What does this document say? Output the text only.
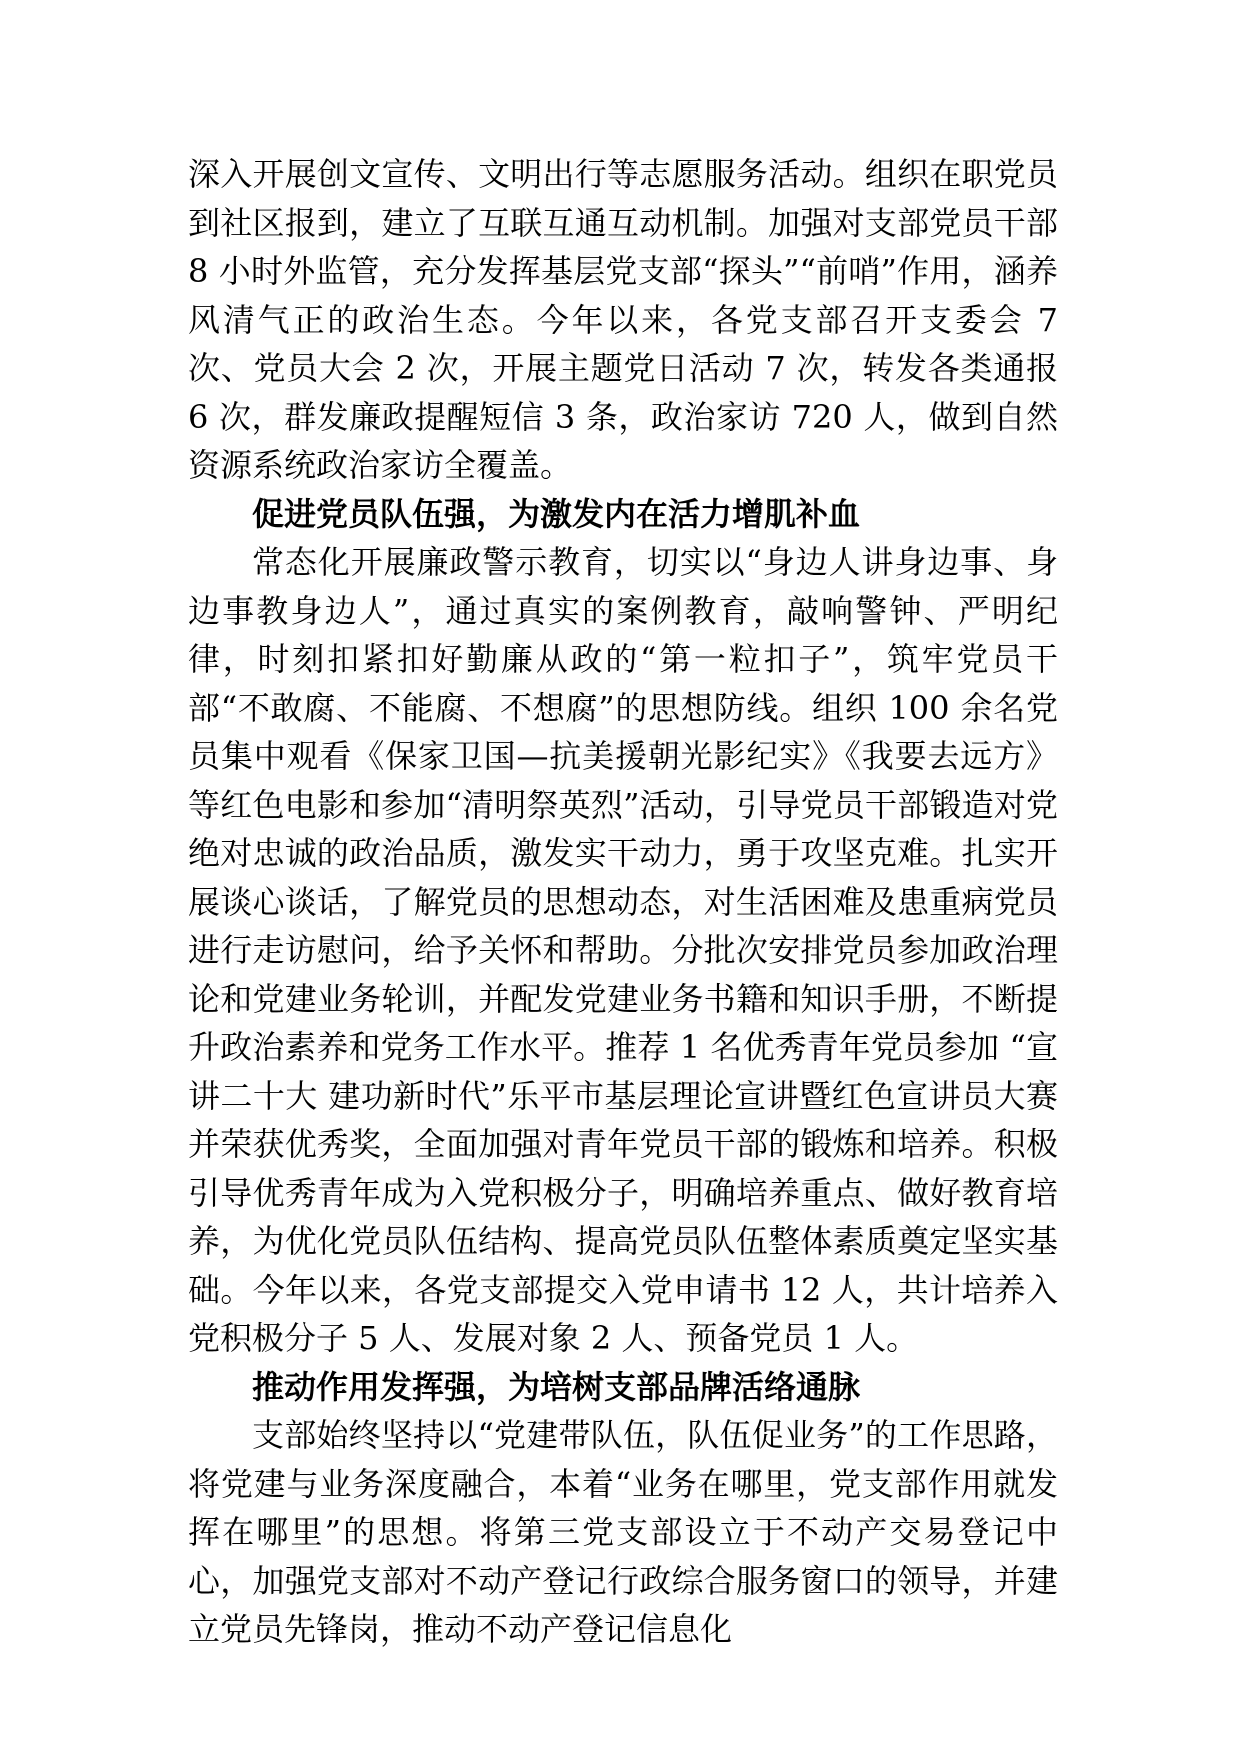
深入开展创文宣传、文明出行等志愿服务活动。组织在职党员到社区报到，建立了互联互通互动机制。加强对支部党员干部 8 小时外监管，充分发挥基层党支部“探头”“前哨”作用，涵养风清气正的政治生态。今年以来，各党支部召开支委会 7 次、党员大会 2 次，开展主题党日活动 7 次，转发各类通报 6 次，群发廉政提醒短信 3 条，政治家访 720 人，做到自然资源系统政治家访全覆盖。

促进党员队伍强，为激发内在活力增肌补血

常态化开展廉政警示教育，切实以“身边人讲身边事、身边事教身边人”，通过真实的案例教育，敲响警钟、严明纪律，时刻扣紧扣好勤廉从政的“第一粒扣子”，筑牢党员干部“不敢腐、不能腐、不想腐”的思想防线。组织 100 余名党员集中观看《保家卫国—抗美援朝光影纪实》《我要去远方》等红色电影和参加“清明祭英烈”活动，引导党员干部锻造对党绝对忠诚的政治品质，激发实干动力，勇于攻坚克难。扎实开展谈心谈话，了解党员的思想动态，对生活困难及患重病党员进行走访慰问，给予关怀和帮助。分批次安排党员参加政治理论和党建业务轮训，并配发党建业务书籍和知识手册，不断提升政治素养和党务工作水平。推荐 1 名优秀青年党员参加 “宣讲二十大 建功新时代”乐平市基层理论宣讲暨红色宣讲员大赛并荣获优秀奖，全面加强对青年党员干部的锻炼和培养。积极引导优秀青年成为入党积极分子，明确培养重点、做好教育培养，为优化党员队伍结构、提高党员队伍整体素质奠定坚实基础。今年以来，各党支部提交入党申请书 12 人，共计培养入党积极分子 5 人、发展对象 2 人、预备党员 1 人。

推动作用发挥强，为培树支部品牌活络通脉

支部始终坚持以“党建带队伍，队伍促业务”的工作思路，将党建与业务深度融合，本着“业务在哪里，党支部作用就发挥在哪里”的思想。将第三党支部设立于不动产交易登记中心，加强党支部对不动产登记行政综合服务窗口的领导，并建立党员先锋岗，推动不动产登记信息化
